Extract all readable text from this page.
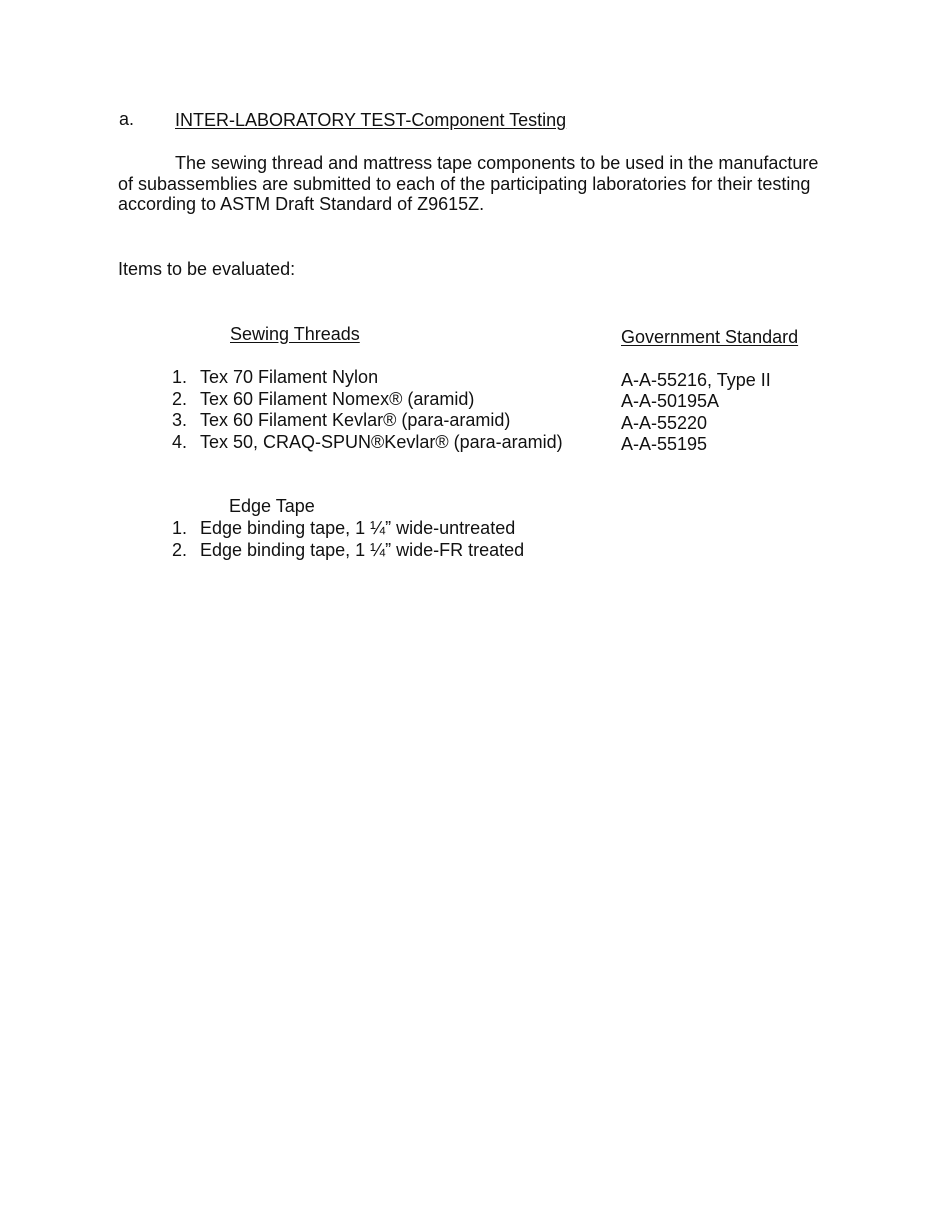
a. INTER-LABORATORY TEST-Component Testing
The sewing thread and mattress tape components to be used in the manufacture
of subassemblies are submitted to each of the participating laboratories for their testing
according to ASTM Draft Standard of Z9615Z.
Items to be evaluated:
Sewing Threads	Government Standard
1. Tex 70 Filament Nylon	A-A-55216, Type II
2. Tex 60 Filament Nomex® (aramid)	A-A-50195A
3. Tex 60 Filament Kevlar® (para-aramid)	A-A-55220
4. Tex 50, CRAQ-SPUN®Kevlar® (para-aramid)	A-A-55195
Edge Tape
1. Edge binding tape, 1 ¼” wide-untreated
2. Edge binding tape, 1 ¼” wide-FR treated
